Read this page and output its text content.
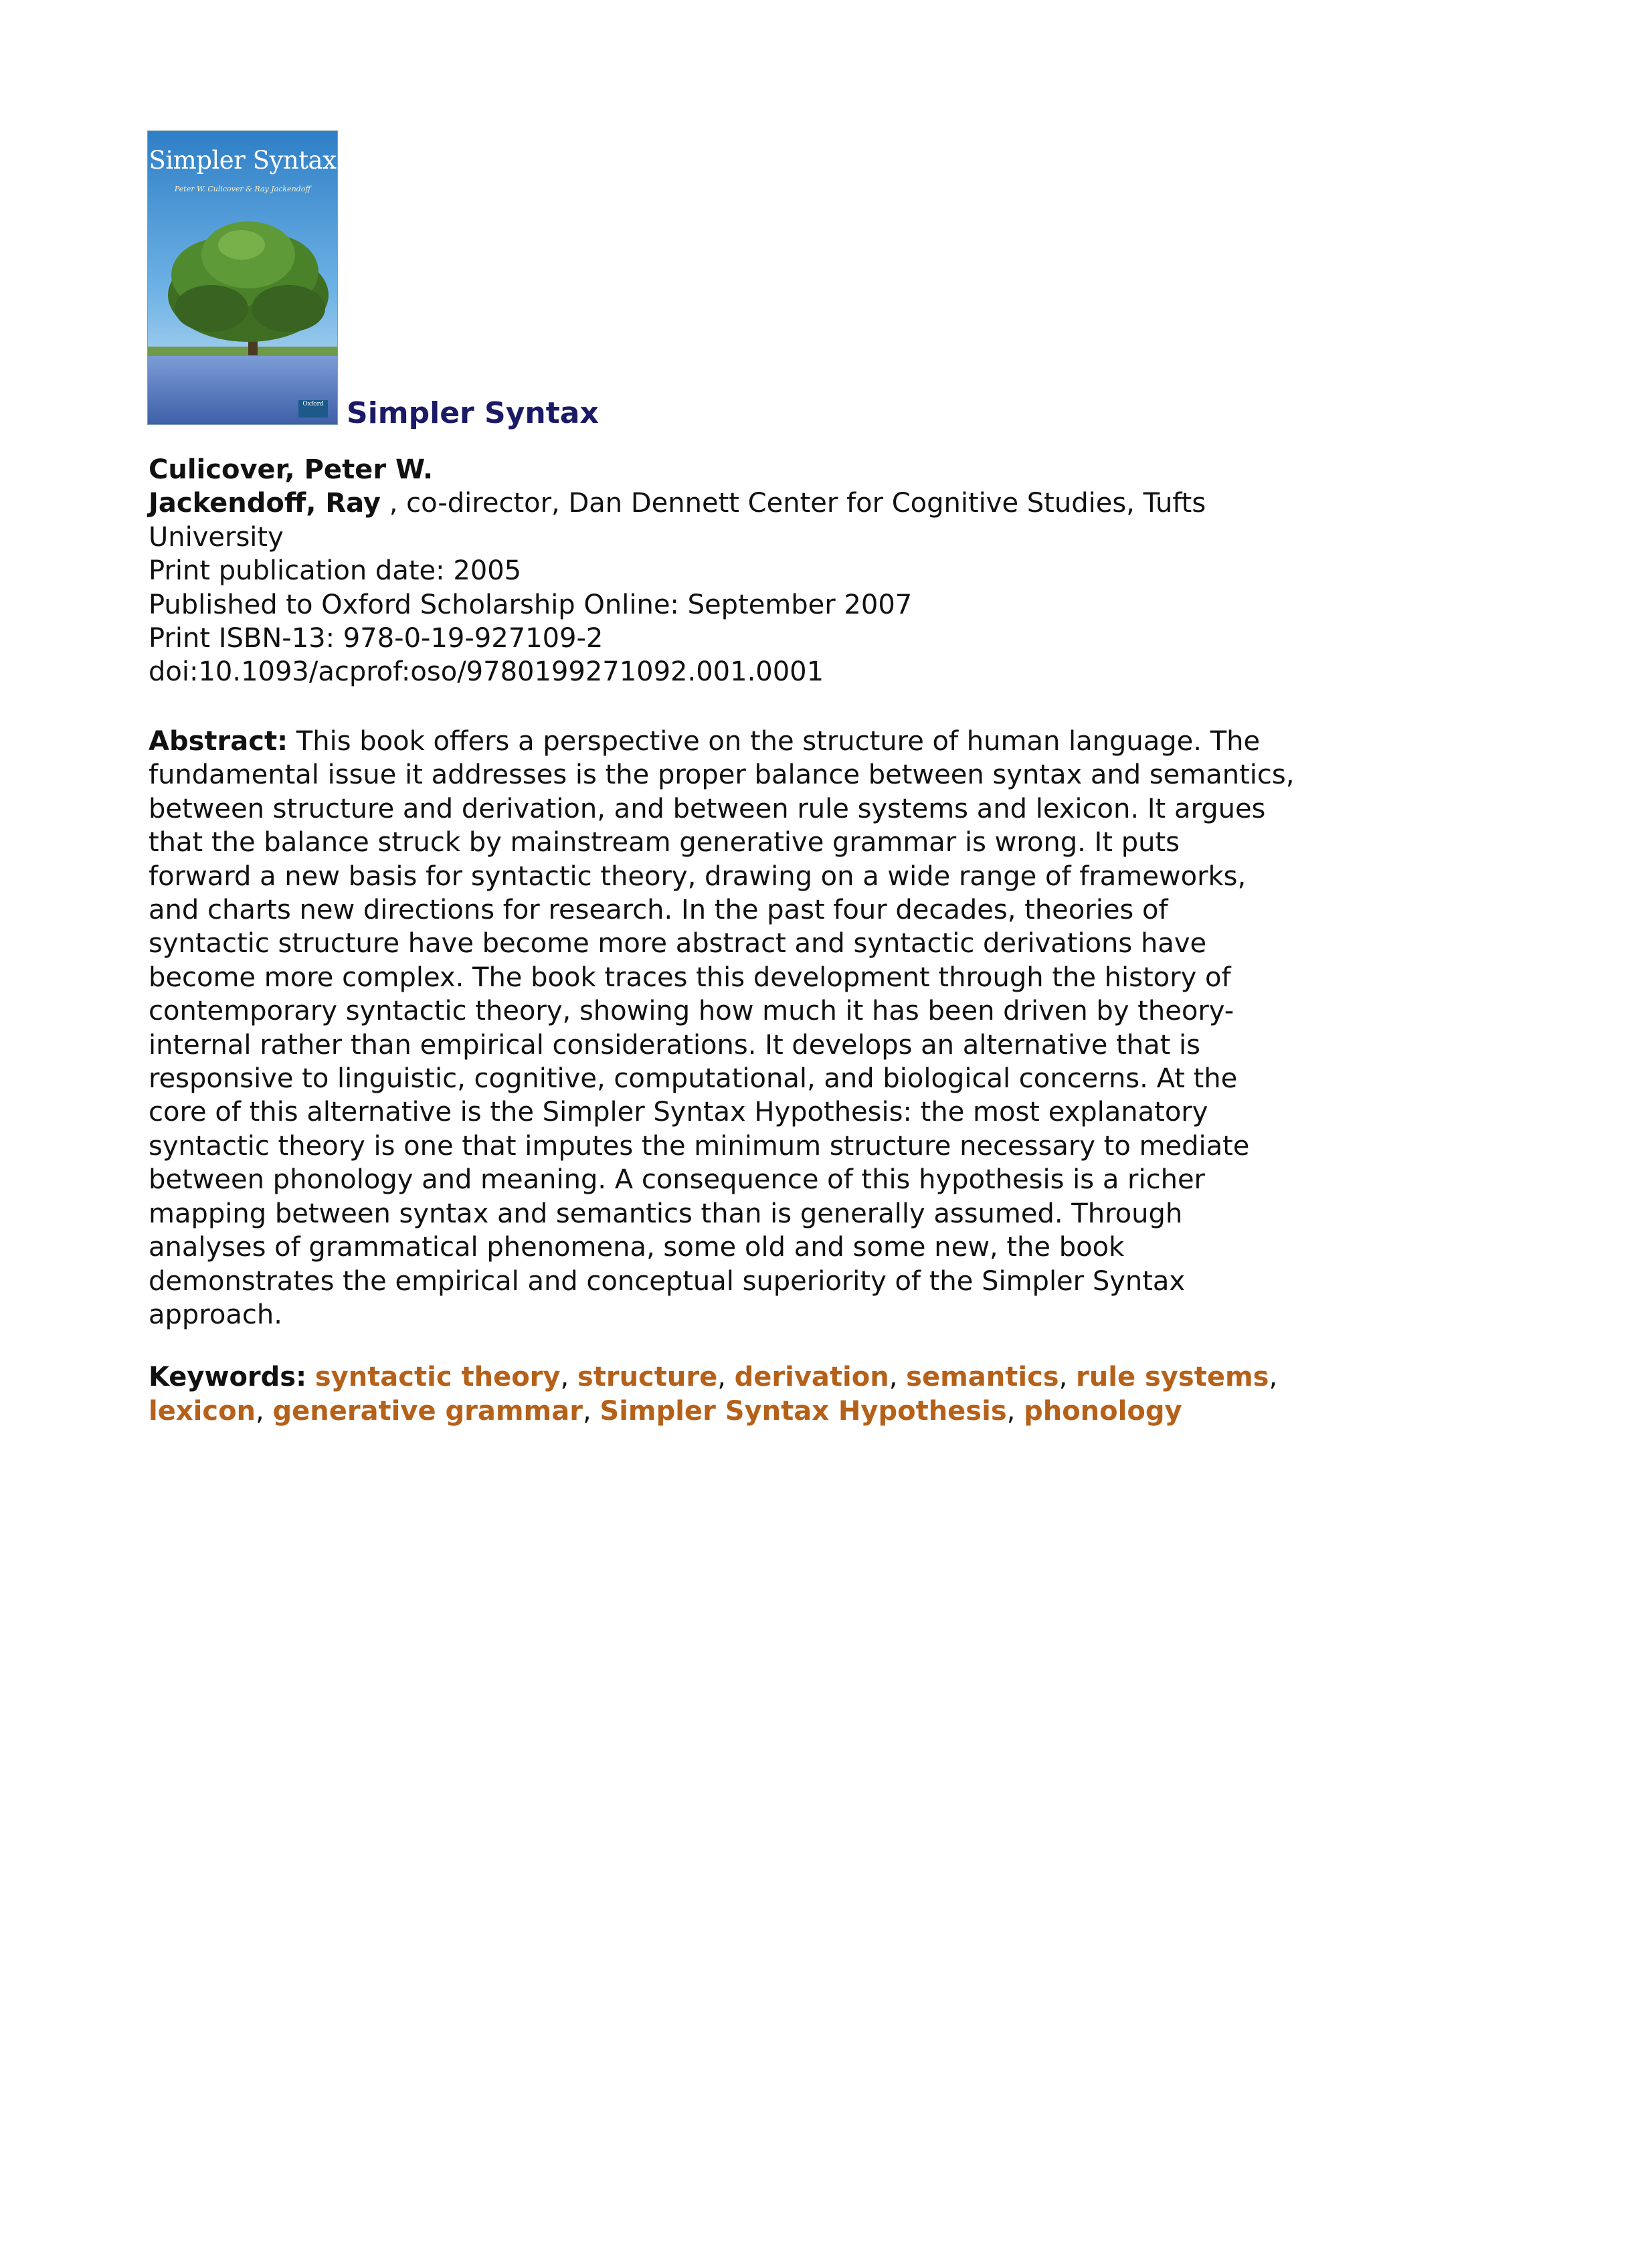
Simpler Syntax
Peter W. Culicover & Ray Jackendoff
Oxford Simpler Syntax
Culicover, Peter W.
Jackendoff, Ray , co-director, Dan Dennett Center for Cognitive Studies, Tufts
University
Print publication date: 2005
Published to Oxford Scholarship Online: September 2007
Print ISBN-13: 978-0-19-927109-2
doi:10.1093/acprof:oso/9780199271092.001.0001
Abstract: This book offers a perspective on the structure of human language. The
fundamental issue it addresses is the proper balance between syntax and semantics,
between structure and derivation, and between rule systems and lexicon. It argues
that the balance struck by mainstream generative grammar is wrong. It puts
forward a new basis for syntactic theory, drawing on a wide range of frameworks,
and charts new directions for research. In the past four decades, theories of
syntactic structure have become more abstract and syntactic derivations have
become more complex. The book traces this development through the history of
contemporary syntactic theory, showing how much it has been driven by theory-
internal rather than empirical considerations. It develops an alternative that is
responsive to linguistic, cognitive, computational, and biological concerns. At the
core of this alternative is the Simpler Syntax Hypothesis: the most explanatory
syntactic theory is one that imputes the minimum structure necessary to mediate
between phonology and meaning. A consequence of this hypothesis is a richer
mapping between syntax and semantics than is generally assumed. Through
analyses of grammatical phenomena, some old and some new, the book
demonstrates the empirical and conceptual superiority of the Simpler Syntax
approach.
Keywords: syntactic theory, structure, derivation, semantics, rule systems,
lexicon, generative grammar, Simpler Syntax Hypothesis, phonology
